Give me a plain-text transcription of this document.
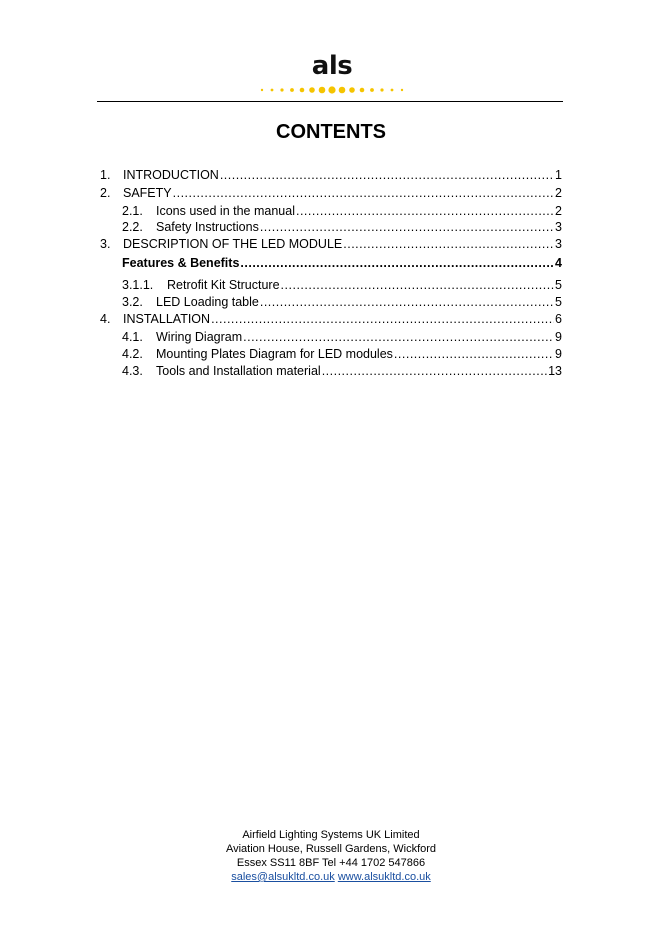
als
CONTENTS
1.	INTRODUCTION .....	1
2.	SAFETY .....	2
2.1.	Icons used in the manual .....	2
2.2.	Safety Instructions .....	3
3.	DESCRIPTION OF THE LED MODULE .....	3
Features & Benefits .....	4
3.1.1.	Retrofit Kit Structure .....	5
3.2.	LED Loading table .....	5
4.	INSTALLATION .....	6
4.1.	Wiring Diagram .....	9
4.2.	Mounting Plates Diagram for LED modules .....	9
4.3.	Tools and Installation material .....	13
Airfield Lighting Systems UK Limited
Aviation House, Russell Gardens, Wickford
Essex SS11 8BF Tel +44 1702 547866
sales@alsukltd.co.uk www.alsukltd.co.uk
